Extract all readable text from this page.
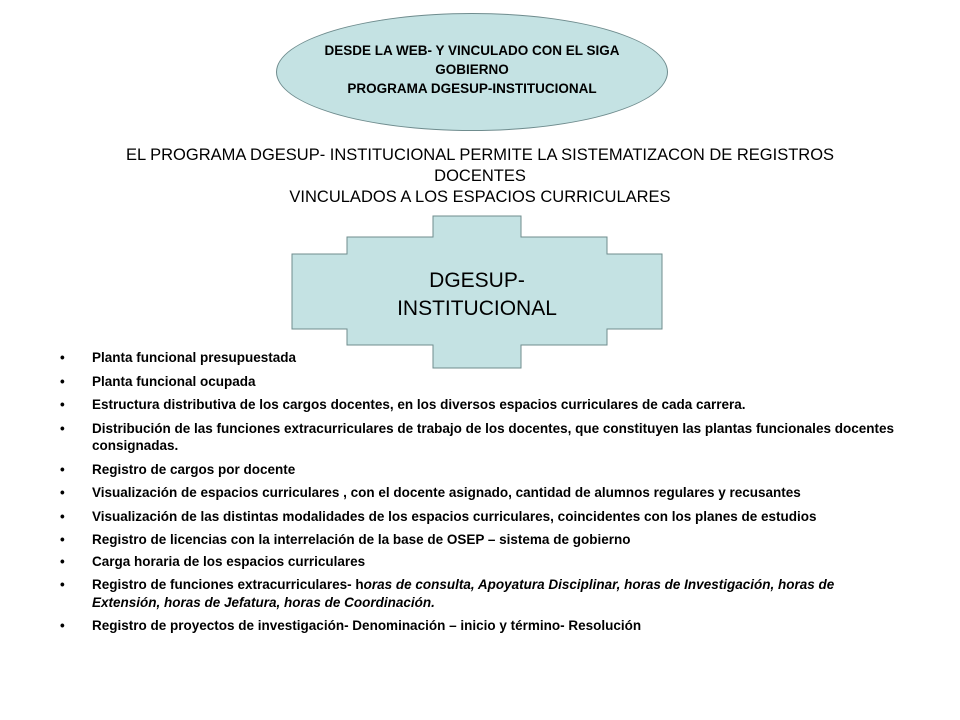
DESDE LA WEB- Y VINCULADO CON EL SIGA
GOBIERNO
PROGRAMA DGESUP-INSTITUCIONAL
EL PROGRAMA DGESUP- INSTITUCIONAL PERMITE LA SISTEMATIZACON DE REGISTROS
DOCENTES
VINCULADOS A LOS ESPACIOS CURRICULARES
DGESUP-
INSTITUCIONAL
• Planta funcional presupuestada
• Planta funcional ocupada
• Estructura distributiva de los cargos docentes, en los diversos espacios curriculares de cada carrera.
• Distribución de las funciones extracurriculares de trabajo de los docentes, que constituyen las plantas funcionales docentes consignadas.
• Registro de cargos por docente
• Visualización de espacios curriculares , con el docente asignado, cantidad de alumnos regulares y recusantes
• Visualización de las distintas modalidades de los espacios curriculares, coincidentes con los planes de estudios
• Registro de licencias con la interrelación de la base de OSEP – sistema de gobierno
• Carga horaria de los espacios curriculares
• Registro de funciones extracurriculares- horas de consulta, Apoyatura Disciplinar, horas de Investigación, horas de Extensión, horas de Jefatura, horas de Coordinación.
• Registro de proyectos de investigación- Denominación – inicio y término- Resolución
